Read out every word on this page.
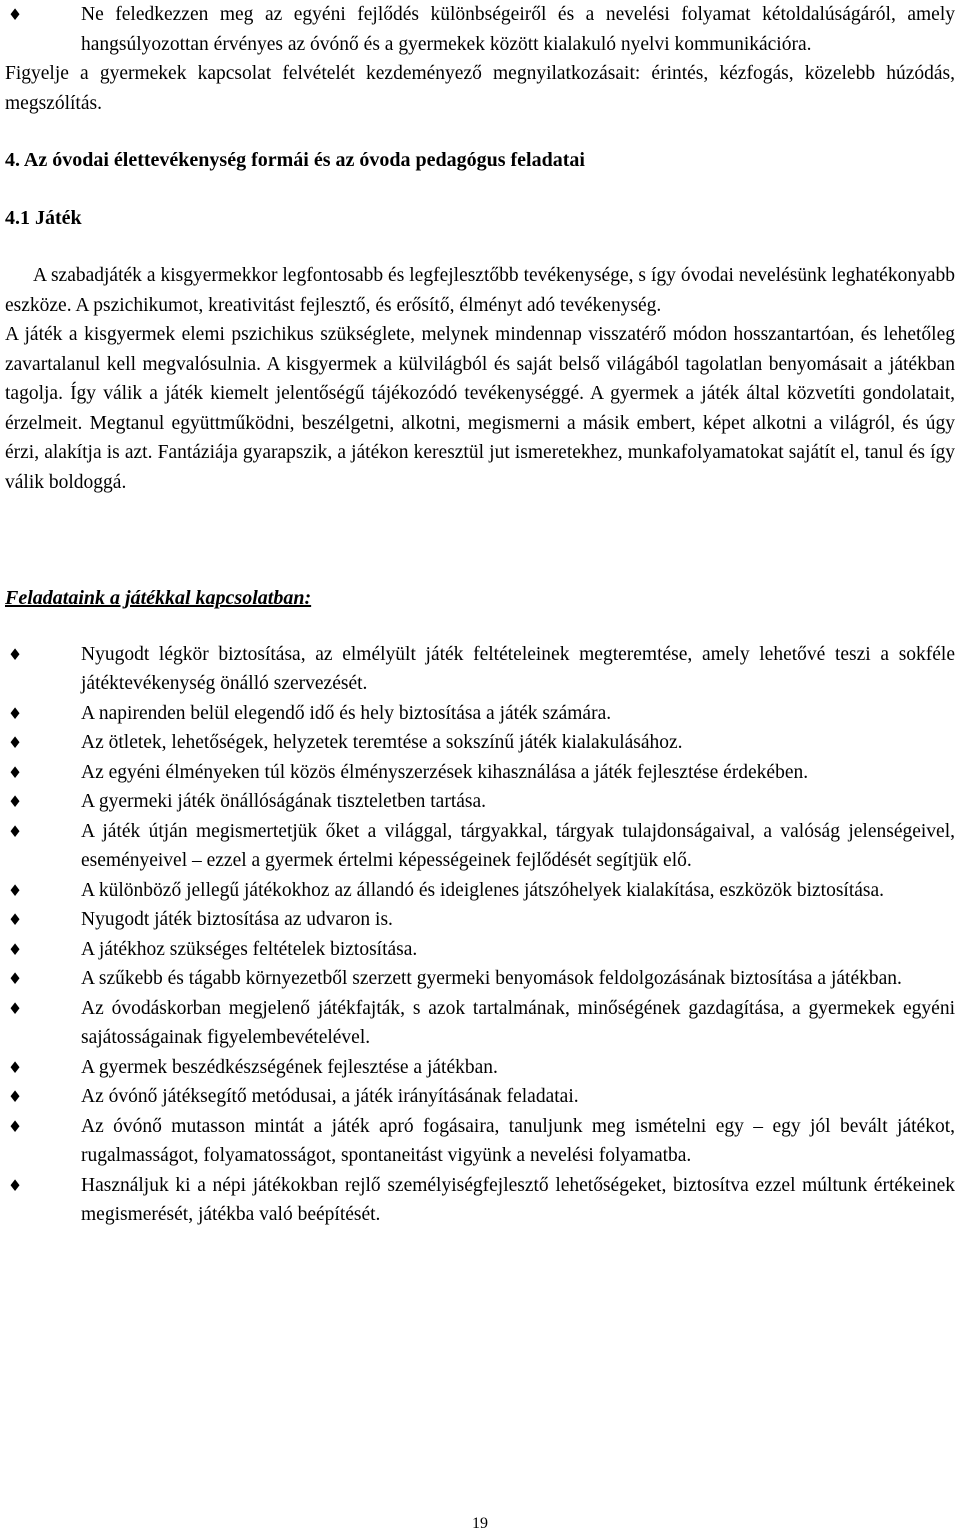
♦	Ne feledkezzen meg az egyéni fejlődés különbségeiről és a nevelési folyamat kétoldalúságáról, amely hangsúlyozottan érvényes az óvónő és a gyermekek között kialakuló nyelvi kommunikációra.
Figyelje a gyermekek kapcsolat felvételét kezdeményező megnyilatkozásait: érintés, kézfogás, közelebb húzódás, megszólítás.
4. Az óvodai élettevékenység formái és az óvoda pedagógus feladatai
4.1 Játék
A szabadjáték a kisgyermekkor legfontosabb és legfejlesztőbb tevékenysége, s így óvodai nevelésünk leghatékonyabb eszköze. A pszichikumot, kreativitást fejlesztő, és erősítő, élményt adó tevékenység.
A játék a kisgyermek elemi pszichikus szükséglete, melynek mindennap visszatérő módon hosszantartóan, és lehetőleg zavartalanul kell megvalósulnia. A kisgyermek a külvilágból és saját belső világából tagolatlan benyomásait a játékban tagolja. Így válik a játék kiemelt jelentőségű tájékozódó tevékenységgé. A gyermek a játék által közvetíti gondolatait, érzelmeit. Megtanul együttműködni, beszélgetni, alkotni, megismerni a másik embert, képet alkotni a világról, és úgy érzi, alakítja is azt. Fantáziája gyarapszik, a játékon keresztül jut ismeretekhez, munkafolyamatokat sajátít el, tanul és így válik boldoggá.
Feladataink a játékkal kapcsolatban:
♦	Nyugodt légkör biztosítása, az elmélyült játék feltételeinek megteremtése, amely lehetővé teszi a sokféle játéktevékenység önálló szervezését.
♦	A napirenden belül elegendő idő és hely biztosítása a játék számára.
♦	Az ötletek, lehetőségek, helyzetek teremtése a sokszínű játék kialakulásához.
♦	Az egyéni élményeken túl közös élményszerzések kihasználása a játék fejlesztése érdekében.
♦	A gyermeki játék önállóságának tiszteletben tartása.
♦	A játék útján megismertetjük őket a világgal, tárgyakkal, tárgyak tulajdonságaival, a valóság jelenségeivel, eseményeivel – ezzel a gyermek értelmi képességeinek fejlődését segítjük elő.
♦	A különböző jellegű játékokhoz az állandó és ideiglenes játszóhelyek kialakítása, eszközök biztosítása.
♦	Nyugodt játék biztosítása az udvaron is.
♦	A játékhoz szükséges feltételek biztosítása.
♦	A szűkebb és tágabb környezetből szerzett gyermeki benyomások feldolgozásának biztosítása a játékban.
♦	Az óvodáskorban megjelenő játékfajták, s azok tartalmának, minőségének gazdagítása, a gyermekek egyéni sajátosságainak figyelembevételével.
♦	A gyermek beszédkészségének fejlesztése a játékban.
♦	Az óvónő játéksegítő metódusai, a játék irányításának feladatai.
♦	Az óvónő mutasson mintát a játék apró fogásaira, tanuljunk meg ismételni egy – egy jól bevált játékot, rugalmasságot, folyamatosságot, spontaneitást vigyünk a nevelési folyamatba.
♦	Használjuk ki a népi játékokban rejlő személyiségfejlesztő lehetőségeket, biztosítva ezzel múltunk értékeinek megismerését, játékba való beépítését.
19
